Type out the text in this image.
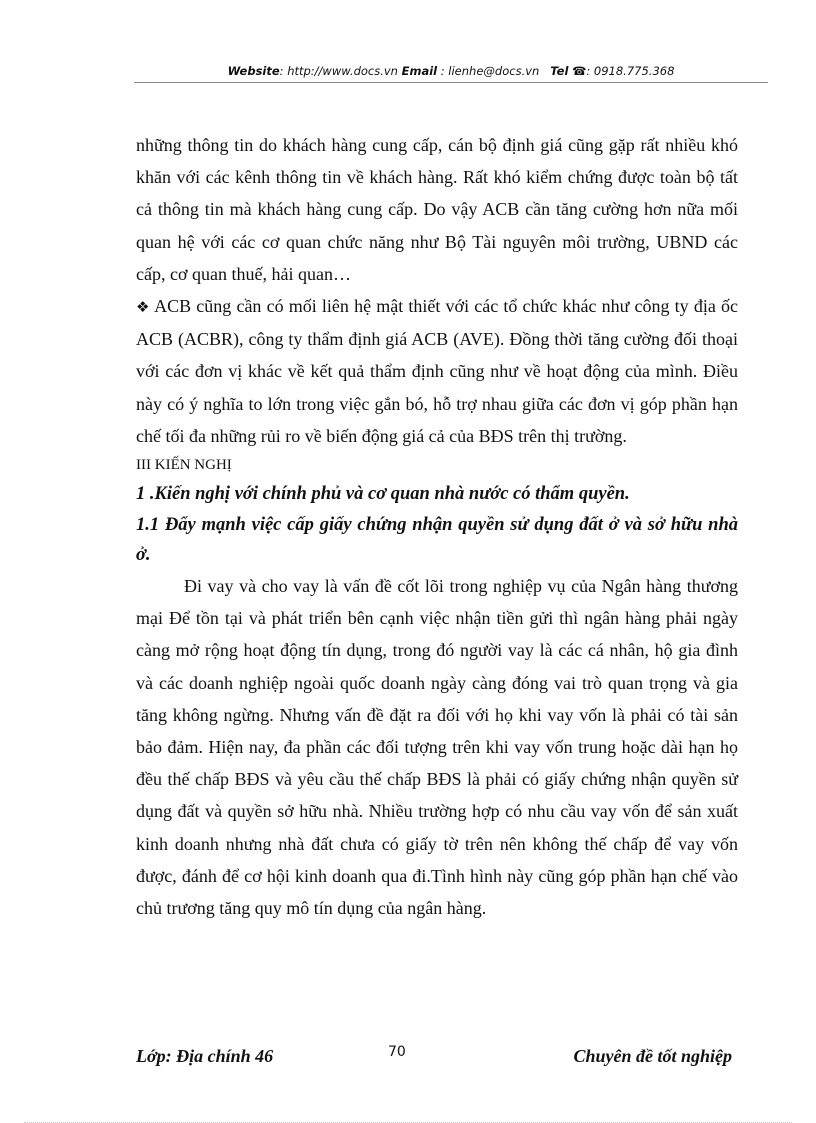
Website: http://www.docs.vn Email : lienhe@docs.vn Tel ☎: 0918.775.368

những thông tin do khách hàng cung cấp, cán bộ định giá cũng gặp rất nhiều khó khăn với các kênh thông tin về khách hàng. Rất khó kiểm chứng được toàn bộ tất cả thông tin mà khách hàng cung cấp. Do vậy ACB cần tăng cường hơn nữa mối quan hệ với các cơ quan chức năng như Bộ Tài nguyên môi trường, UBND các cấp, cơ quan thuế, hải quan…

❖ ACB cũng cần có mối liên hệ mật thiết với các tổ chức khác như công ty địa ốc ACB (ACBR), công ty thẩm định giá ACB (AVE). Đồng thời tăng cường đối thoại với các đơn vị khác về kết quả thẩm định cũng như về hoạt động của mình. Điều này có ý nghĩa to lớn trong việc gắn bó, hỗ trợ nhau giữa các đơn vị góp phần hạn chế tối đa những rủi ro về biến động giá cả của BĐS trên thị trường.

III KIẾN NGHỊ

1 .Kiến nghị với chính phủ và cơ quan nhà nước có thẩm quyền.

1.1 Đẩy mạnh việc cấp giấy chứng nhận quyền sử dụng đất ở và sở hữu nhà ở.

Đi vay và cho vay là vấn đề cốt lõi trong nghiệp vụ của Ngân hàng thương mại Để tồn tại và phát triển bên cạnh việc nhận tiền gửi thì ngân hàng phải ngày càng mở rộng hoạt động tín dụng, trong đó người vay là các cá nhân, hộ gia đình và các doanh nghiệp ngoài quốc doanh ngày càng đóng vai trò quan trọng và gia tăng không ngừng. Nhưng vấn đề đặt ra đối với họ khi vay vốn là phải có tài sản bảo đảm. Hiện nay, đa phần các đối tượng trên khi vay vốn trung hoặc dài hạn họ đều thế chấp BĐS và yêu cầu thế chấp BĐS là phải có giấy chứng nhận quyền sử dụng đất và quyền sở hữu nhà. Nhiều trường hợp có nhu cầu vay vốn để sản xuất kinh doanh nhưng nhà đất chưa có giấy tờ trên nên không thế chấp để vay vốn được, đánh để cơ hội kinh doanh qua đi.Tình hình này cũng góp phần hạn chế vào chủ trương tăng quy mô tín dụng của ngân hàng.

Lớp: Địa chính 46	70	Chuyên đề tốt nghiệp
